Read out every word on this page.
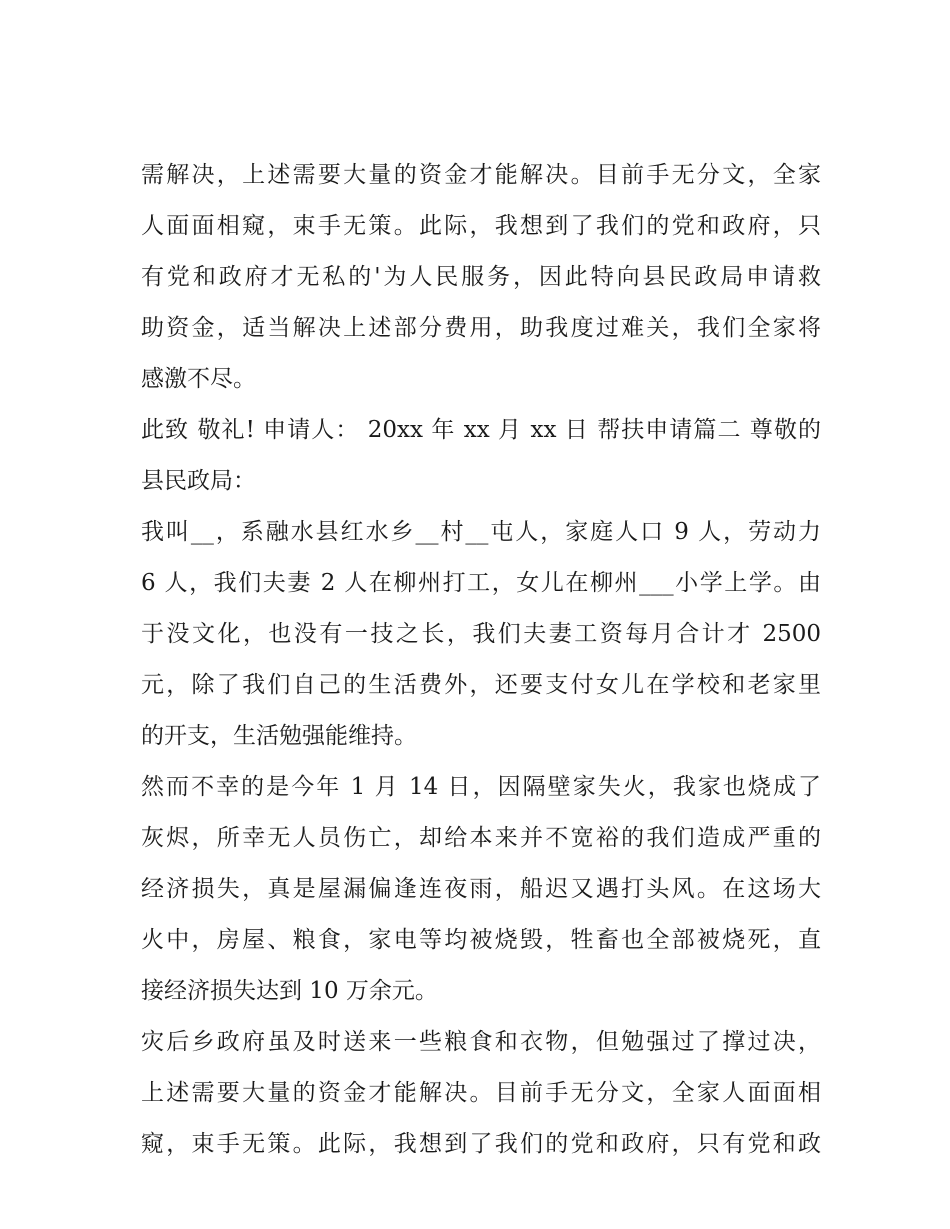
需解决，上述需要大量的资金才能解决。目前手无分文，全家
人面面相窥，束手无策。此际，我想到了我们的党和政府，只
有党和政府才无私的'为人民服务，因此特向县民政局申请救
助资金，适当解决上述部分费用，助我度过难关，我们全家将
感激不尽。
此致 敬礼! 申请人： 20xx 年 xx 月 xx 日 帮扶申请篇二 尊敬的
县民政局：
我叫__，系融水县红水乡__村__屯人，家庭人口 9 人，劳动力
6 人，我们夫妻 2 人在柳州打工，女儿在柳州___小学上学。由
于没文化，也没有一技之长，我们夫妻工资每月合计才 2500
元，除了我们自己的生活费外，还要支付女儿在学校和老家里
的开支，生活勉强能维持。
然而不幸的是今年 1 月 14 日，因隔壁家失火，我家也烧成了
灰烬，所幸无人员伤亡，却给本来并不宽裕的我们造成严重的
经济损失，真是屋漏偏逢连夜雨，船迟又遇打头风。在这场大
火中，房屋、粮食，家电等均被烧毁，牲畜也全部被烧死，直
接经济损失达到 10 万余元。
灾后乡政府虽及时送来一些粮食和衣物，但勉强过了撑过决，
上述需要大量的资金才能解决。目前手无分文，全家人面面相
窥，束手无策。此际，我想到了我们的党和政府，只有党和政
